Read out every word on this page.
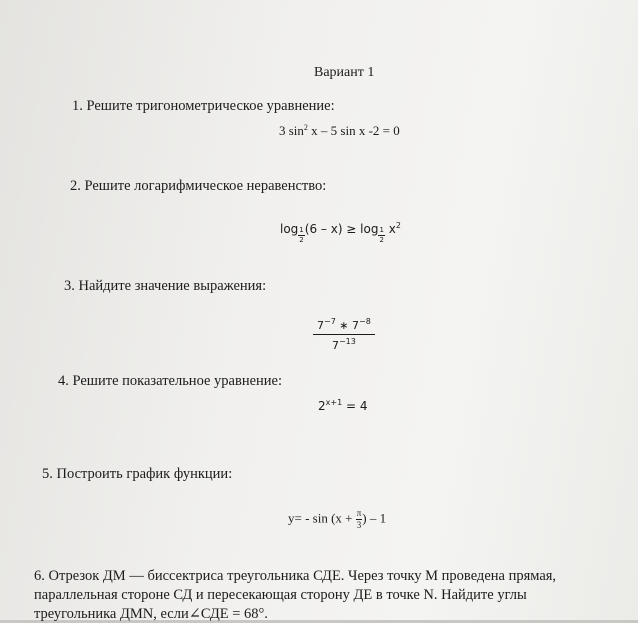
Вариант 1
1. Решите тригонометрическое уравнение:
3 $\sin^2 x - 5$ sin x -2 = 0
2. Решите логарифмическое неравенство:
$\log \frac{1}{2} (6 - x) \ge \log \frac{1}{2} x^2$
3. Найдите значение выражения:
$\frac{7^{-7} ∗ 7^{-8}}{7^{-13}}$
4. Решите показательное уравнение:
$2^{x+1} = 4$
5. Построить график функции:
$y= - \sin (x + \frac{\pi}{3}$ ) – 1
6. Отрезок ДМ — биссектриса треугольника СДЕ. Через точку М проведена прямая,
параллельная стороне СД и пересекающая сторону ДЕ в точке N. Найдите углы
треугольника ДМN, если∠СДЕ = 68°.
